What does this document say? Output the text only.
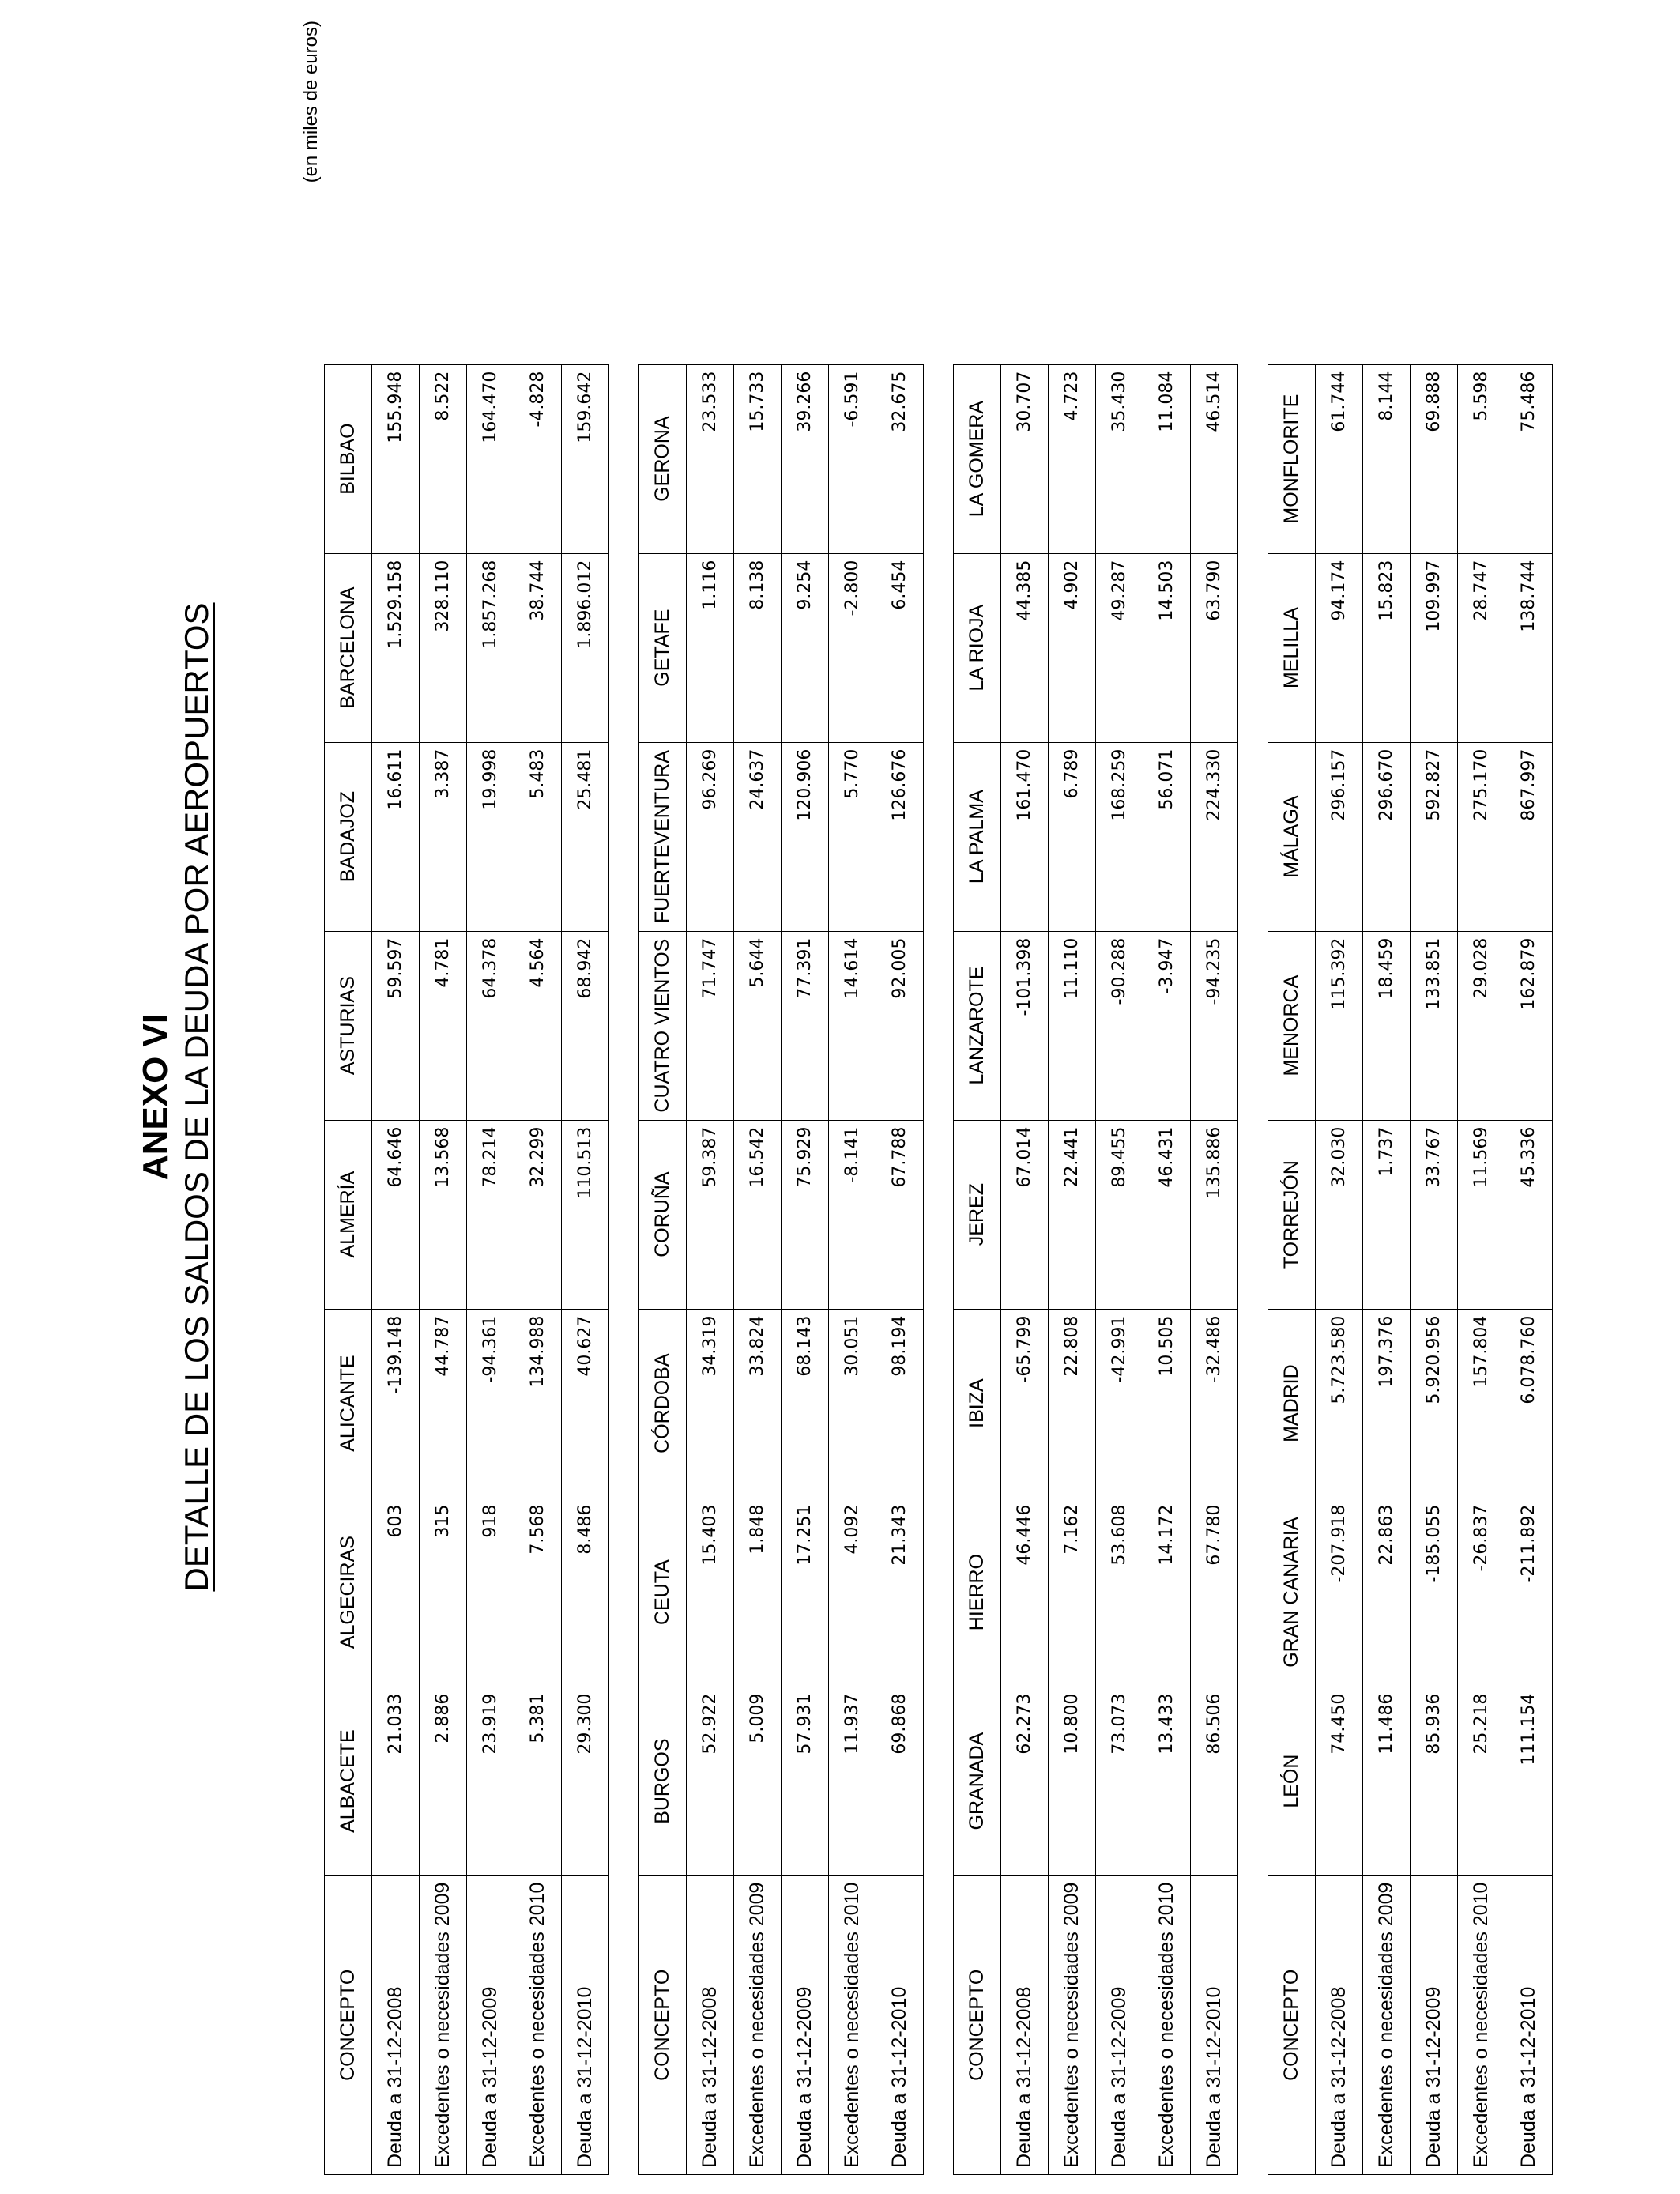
ANEXO VI DETALLE DE LOS SALDOS DE LA DEUDA POR AEROPUERTOS
(en miles de euros)
CONCEPTO	ALBACETE	ALGECIRAS	ALICANTE	ALMERÍA	ASTURIAS	BADAJOZ	BARCELONA	BILBAO
Deuda a 31-12-2008	21.033	603	-139.148	64.646	59.597	16.611	1.529.158	155.948
Excedentes o necesidades 2009	2.886	315	44.787	13.568	4.781	3.387	328.110	8.522
Deuda a 31-12-2009	23.919	918	-94.361	78.214	64.378	19.998	1.857.268	164.470
Excedentes o necesidades 2010	5.381	7.568	134.988	32.299	4.564	5.483	38.744	-4.828
Deuda a 31-12-2010	29.300	8.486	40.627	110.513	68.942	25.481	1.896.012	159.642
CONCEPTO	BURGOS	CEUTA	CÓRDOBA	CORUÑA	CUATRO VIENTOS	FUERTEVENTURA	GETAFE	GERONA
Deuda a 31-12-2008	52.922	15.403	34.319	59.387	71.747	96.269	1.116	23.533
Excedentes o necesidades 2009	5.009	1.848	33.824	16.542	5.644	24.637	8.138	15.733
Deuda a 31-12-2009	57.931	17.251	68.143	75.929	77.391	120.906	9.254	39.266
Excedentes o necesidades 2010	11.937	4.092	30.051	-8.141	14.614	5.770	-2.800	-6.591
Deuda a 31-12-2010	69.868	21.343	98.194	67.788	92.005	126.676	6.454	32.675
CONCEPTO	GRANADA	HIERRO	IBIZA	JEREZ	LANZAROTE	LA PALMA	LA RIOJA	LA GOMERA
Deuda a 31-12-2008	62.273	46.446	-65.799	67.014	-101.398	161.470	44.385	30.707
Excedentes o necesidades 2009	10.800	7.162	22.808	22.441	11.110	6.789	4.902	4.723
Deuda a 31-12-2009	73.073	53.608	-42.991	89.455	-90.288	168.259	49.287	35.430
Excedentes o necesidades 2010	13.433	14.172	10.505	46.431	-3.947	56.071	14.503	11.084
Deuda a 31-12-2010	86.506	67.780	-32.486	135.886	-94.235	224.330	63.790	46.514
CONCEPTO	LEÓN	GRAN CANARIA	MADRID	TORREJÓN	MENORCA	MÁLAGA	MELILLA	MONFLORITE
Deuda a 31-12-2008	74.450	-207.918	5.723.580	32.030	115.392	296.157	94.174	61.744
Excedentes o necesidades 2009	11.486	22.863	197.376	1.737	18.459	296.670	15.823	8.144
Deuda a 31-12-2009	85.936	-185.055	5.920.956	33.767	133.851	592.827	109.997	69.888
Excedentes o necesidades 2010	25.218	-26.837	157.804	11.569	29.028	275.170	28.747	5.598
Deuda a 31-12-2010	111.154	-211.892	6.078.760	45.336	162.879	867.997	138.744	75.486
